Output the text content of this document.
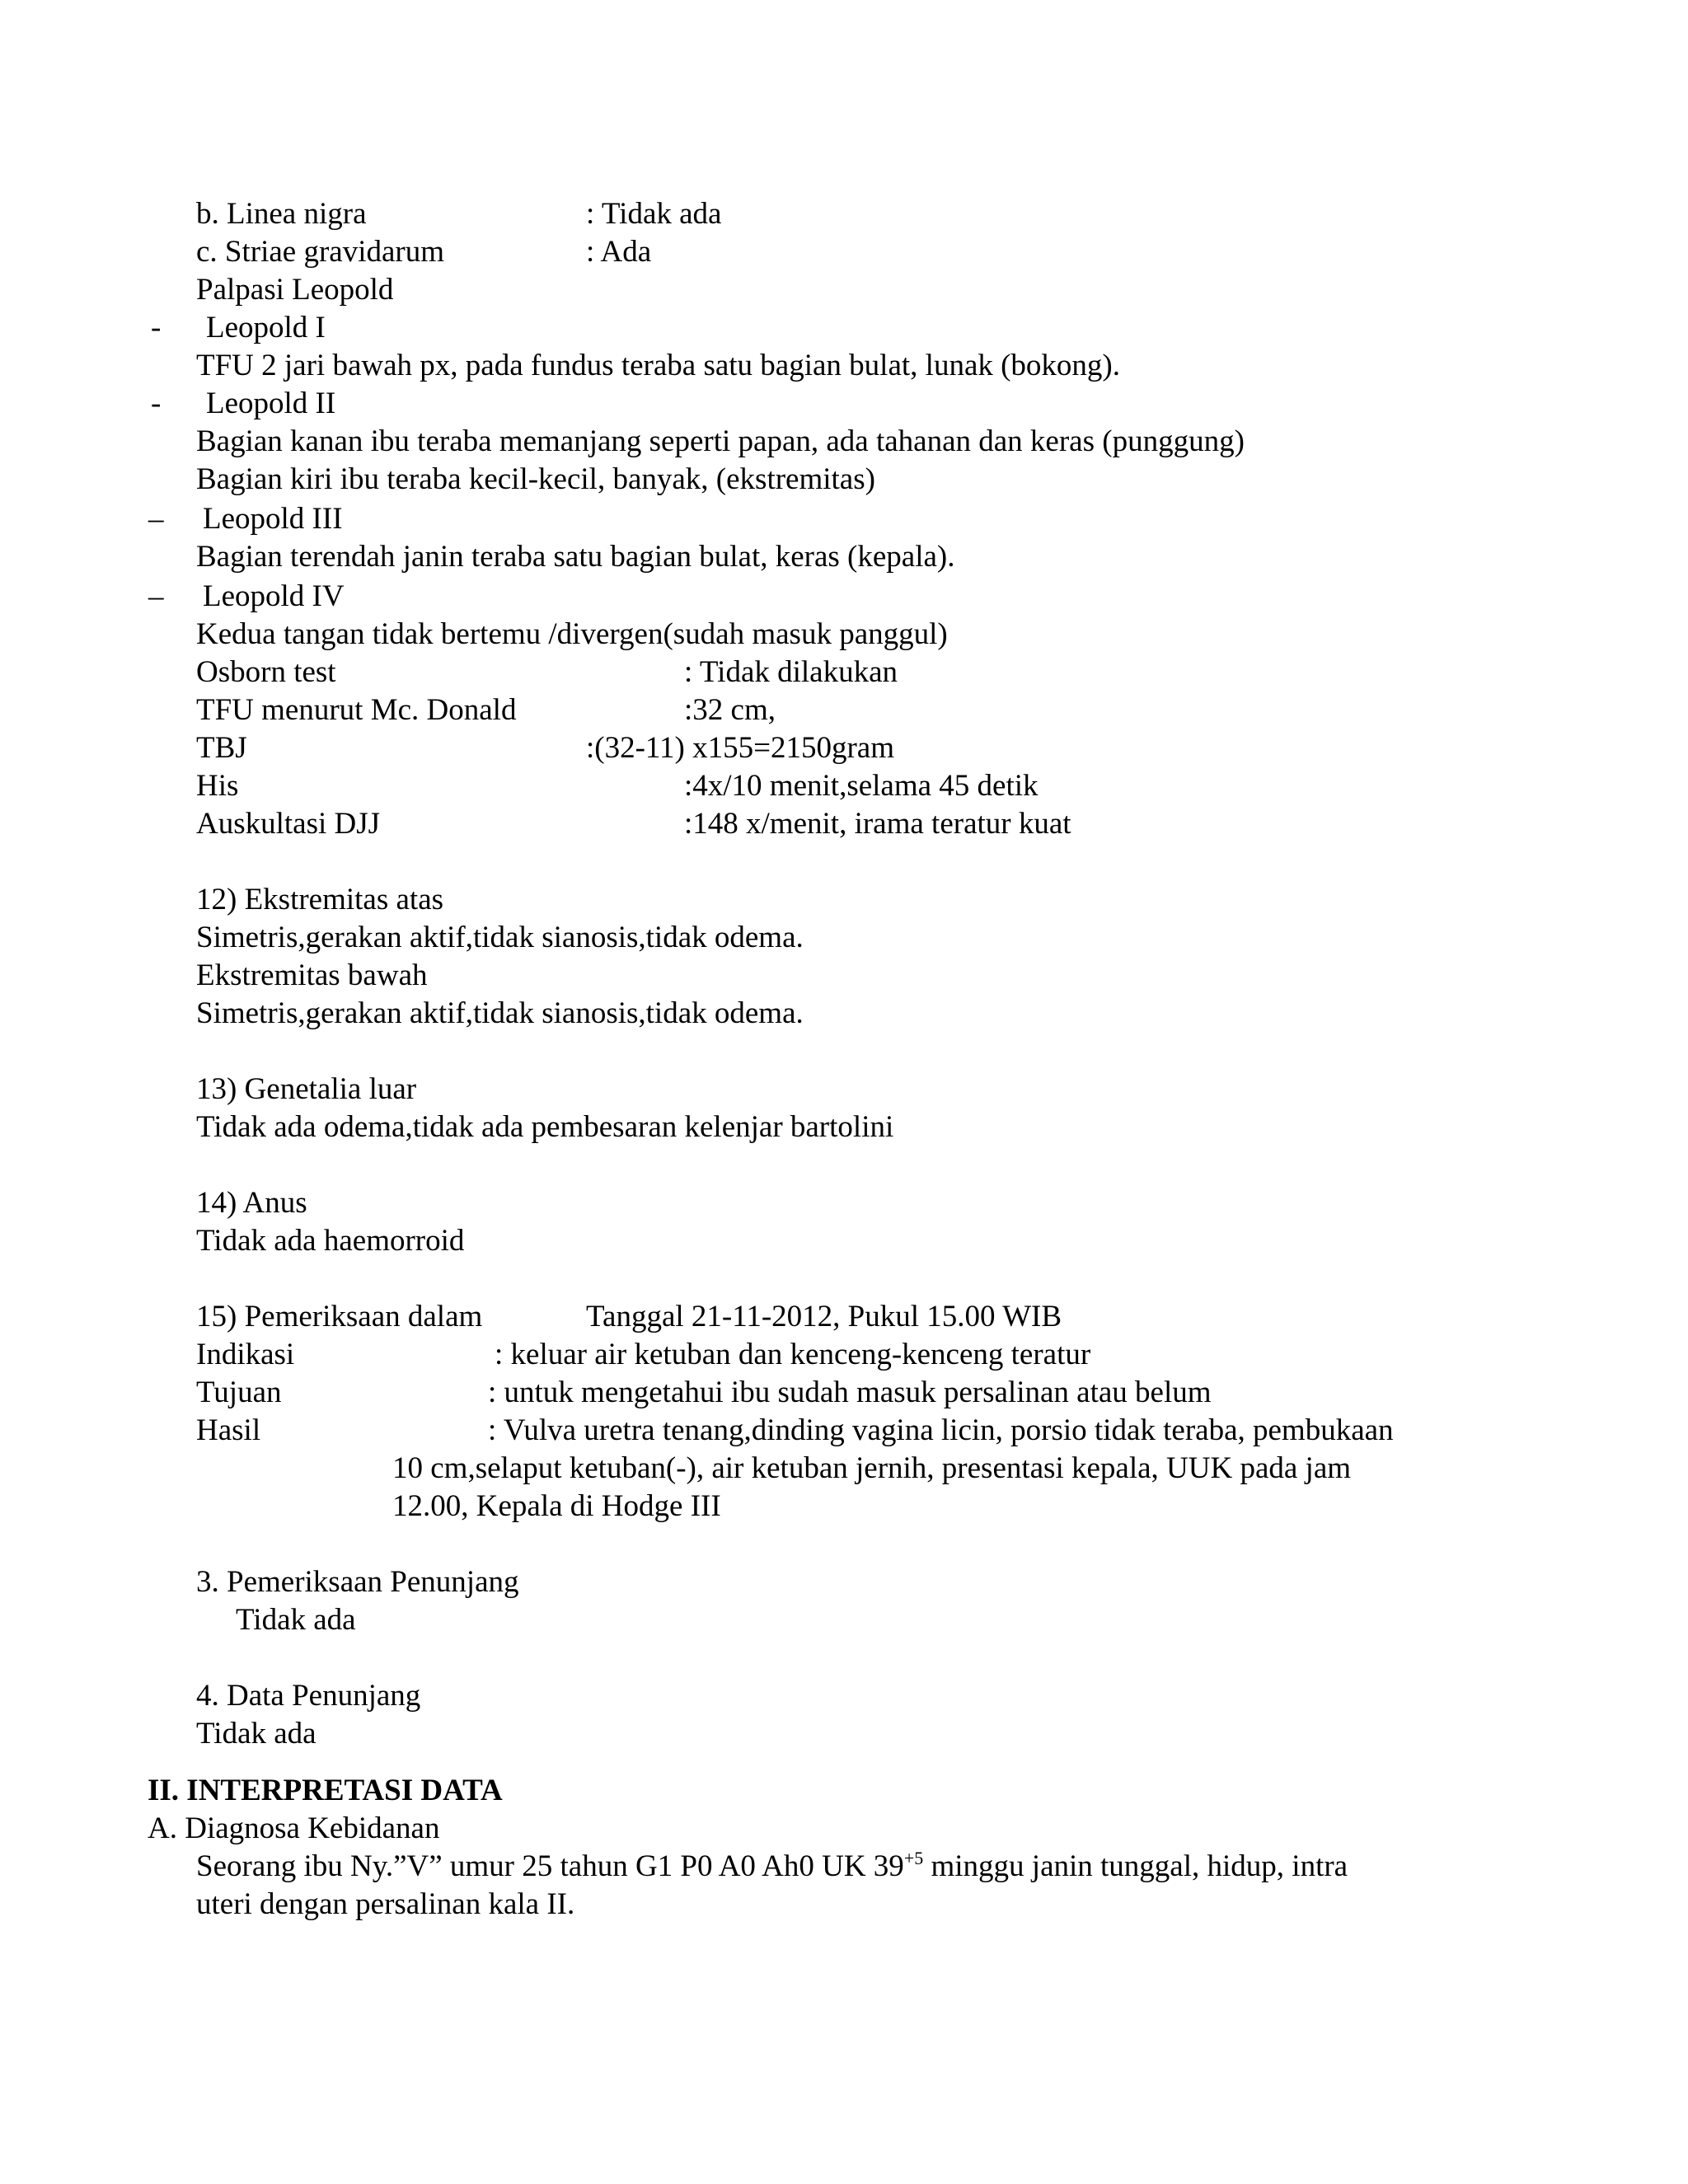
b. Linea nigra	: Tidak ada
c. Striae gravidarum	: Ada
Palpasi Leopold
- Leopold I
TFU 2 jari bawah px, pada fundus teraba satu bagian bulat, lunak (bokong).
- Leopold II
Bagian kanan ibu teraba memanjang seperti papan, ada tahanan dan keras (punggung)
Bagian kiri ibu teraba kecil-kecil, banyak, (ekstremitas)
– Leopold III
Bagian terendah janin teraba satu bagian bulat, keras (kepala).
– Leopold IV
Kedua tangan tidak bertemu /divergen(sudah masuk panggul)
Osborn test	: Tidak dilakukan
TFU menurut Mc. Donald	:32 cm,
TBJ	:(32-11) x155=2150gram
His	:4x/10 menit,selama 45 detik
Auskultasi DJJ	:148 x/menit, irama teratur kuat
12) Ekstremitas atas
Simetris,gerakan aktif,tidak sianosis,tidak odema.
Ekstremitas bawah
Simetris,gerakan aktif,tidak sianosis,tidak odema.
13) Genetalia luar
Tidak ada odema,tidak ada pembesaran kelenjar bartolini
14) Anus
Tidak ada haemorroid
15) Pemeriksaan dalam	Tanggal 21-11-2012, Pukul 15.00 WIB
Indikasi	: keluar air ketuban dan kenceng-kenceng teratur
Tujuan	: untuk mengetahui ibu sudah masuk persalinan atau belum
Hasil	: Vulva uretra tenang,dinding vagina licin, porsio tidak teraba, pembukaan
10 cm,selaput ketuban(-), air ketuban jernih, presentasi kepala, UUK pada jam
12.00, Kepala di Hodge III
3. Pemeriksaan Penunjang
Tidak ada
4. Data Penunjang
Tidak ada
II. INTERPRETASI DATA
A. Diagnosa Kebidanan
Seorang ibu Ny.”V” umur 25 tahun G1 P0 A0 Ah0 UK $39^{+5}$ minggu janin tunggal, hidup, intra
uteri dengan persalinan kala II.
